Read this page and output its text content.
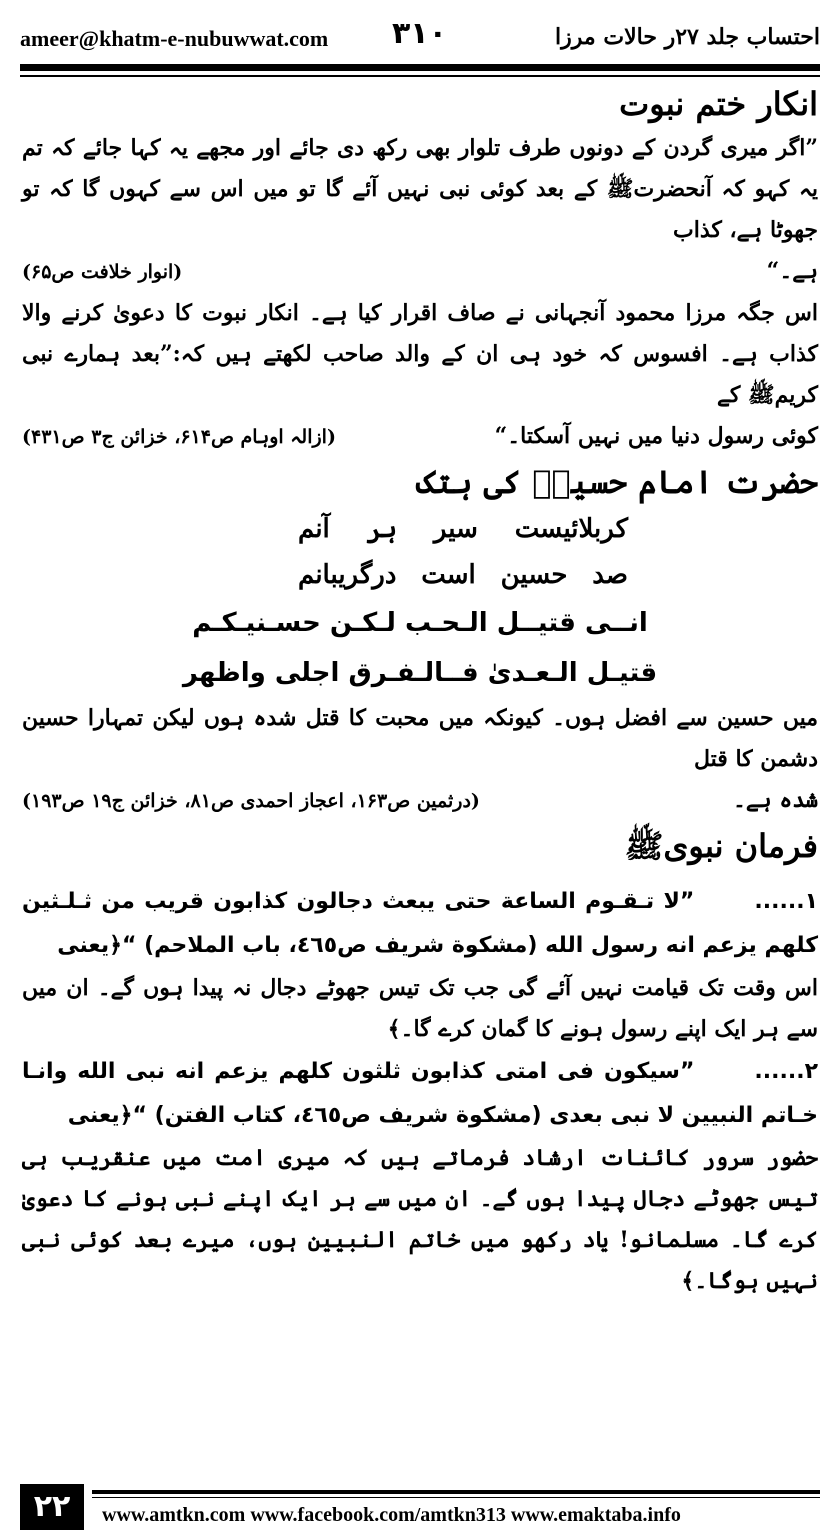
ameer@khatm-e-nubuwwat.com ٣١٠	احتساب جلد ۲۷ر حالات مرزا
انکار ختم نبوت
”اگر میری گردن کے دونوں طرف تلوار بھی رکھ دی جائے اور مجھے یہ کہا جائے کہ تم یہ کہو کہ آنحضرتﷺ کے بعد کوئی نبی نہیں آئے گا تو میں اس سے کہوں گا کہ تو جھوٹا ہے، کذاب
ہے۔“
(انوار خلافت ص۶۵)
اس جگہ مرزا محمود آنجہانی نے صاف اقرار کیا ہے۔ انکار نبوت کا دعویٰ کرنے والا کذاب ہے۔ افسوس کہ خود ہی ان کے والد صاحب لکھتے ہیں کہ:”بعد ہمارے نبی کریمﷺ کے
کوئی رسول دنیا میں نہیں آسکتا۔“
(ازالہ اوہام ص۶۱۴، خزائن ج۳ ص۴۳۱)
حضرت امام حسینؓ کی ہتک
کربلائیست
سیر
ہر
آنم
صد
حسین
است
درگریبانم
انــی قتیــل الـحـب لـکـن حسـنیـکـم
قتیـل الـعـدیٰ فــالـفـرق اجلی واظهر
میں حسین سے افضل ہوں۔ کیونکہ میں محبت کا قتل شدہ ہوں لیکن تمہارا حسین دشمن کا قتل
شدہ ہے۔
(درثمین ص۱۶۳، اعجاز احمدی ص۸۱، خزائن ج۱۹ ص۱۹۳)
فرمان نبویﷺ
۱......”لا تـقـوم الساعة حتى يبعث دجالون كذابون قريب من ثـلـثين كلهم يزعم انه رسول الله (مشكوة شريف ص٤٦٥، باب الملاحم) “﴿یعنی
اس وقت تک قیامت نہیں آئے گی جب تک تیس جھوٹے دجال نہ پیدا ہوں گے۔ ان میں سے ہر ایک اپنے رسول ہونے کا گمان کرے گا۔﴾
۲......”سيكون فى امتى كذابون ثلثون كلهم يزعم انه نبى الله وانـا خـاتم النبيين لا نبى بعدى (مشكوة شريف ص٤٦٥، كتاب الفتن) “﴿یعنی
حضور سرور کائنات ارشاد فرماتے ہیں کہ میری امت میں عنقریب ہی تیس جھوٹے دجال پیدا ہوں گے۔ ان میں سے ہر ایک اپنے نبی ہونے کا دعویٰ کرے گا۔ مسلمانو! یاد رکھو میں خاتم النبیین ہوں، میرے بعد کوئی نبی نہیں ہوگا۔﴾
٢٢	www.amtkn.com www.facebook.com/amtkn313 www.emaktaba.info
